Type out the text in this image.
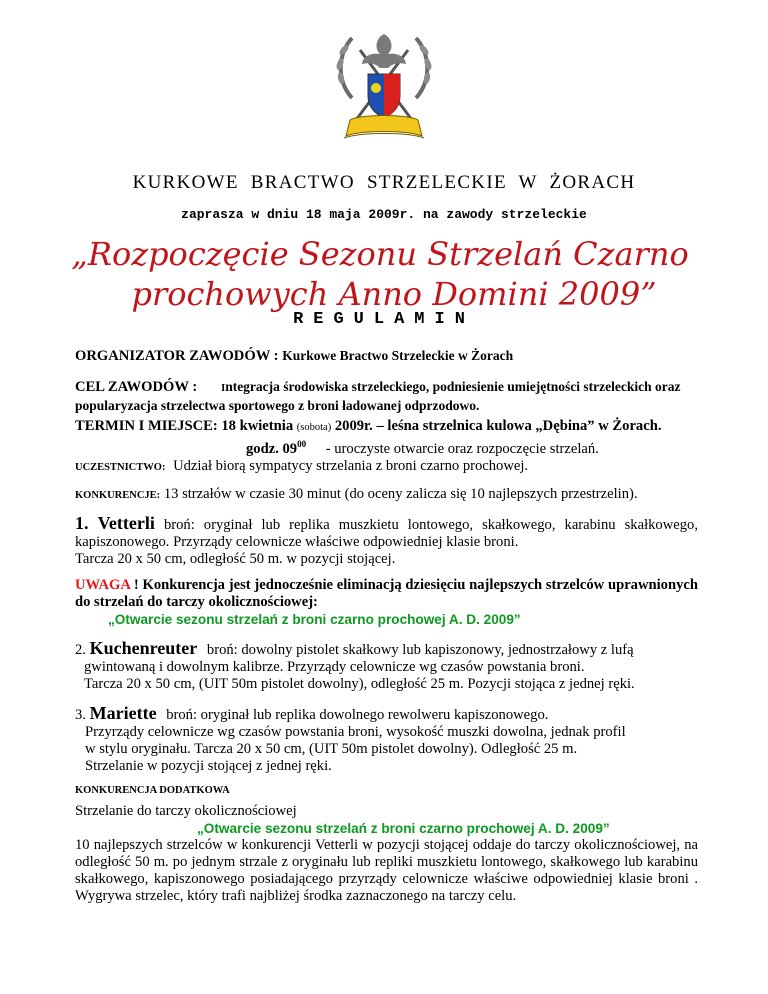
KURKOWE BRACTWO STRZELECKIE W ŻORACH
zaprasza w dniu 18 maja 2009r. na zawody strzeleckie
„Rozpoczęcie Sezonu Strzelań Czarno
prochowych Anno Domini 2009”
REGULAMIN
ORGANIZATOR ZAWODÓW : Kurkowe Bractwo Strzeleckie w Żorach
CEL ZAWODÓW : Integracja środowiska strzeleckiego, podniesienie umiejętności strzeleckich oraz popularyzacja strzelectwa sportowego z broni ładowanej odprzodowo.
TERMIN I MIEJSCE: 18 kwietnia (sobota) 2009r. – leśna strzelnica kulowa „Dębina” w Żorach.
godz. $09^{00}$ - uroczyste otwarcie oraz rozpoczęcie strzelań.
UCZESTNICTWO: Udział biorą sympatycy strzelania z broni czarno prochowej.
KONKURENCJE: 13 strzałów w czasie 30 minut (do oceny zalicza się 10 najlepszych przestrzelin).
1. Vetterli broń: oryginał lub replika muszkietu lontowego, skałkowego, karabinu skałkowego, kapiszonowego. Przyrządy celownicze właściwe odpowiedniej klasie broni.
Tarcza 20 x 50 cm, odległość 50 m. w pozycji stojącej.
UWAGA ! Konkurencja jest jednocześnie eliminacją dziesięciu najlepszych strzelców uprawnionych do strzelań do tarczy okolicznościowej:
„Otwarcie sezonu strzelań z broni czarno prochowej A. D. 2009”
2. Kuchenreuter broń: dowolny pistolet skałkowy lub kapiszonowy, jednostrzałowy z lufą
gwintowaną i dowolnym kalibrze. Przyrządy celownicze wg czasów powstania broni.
Tarcza 20 x 50 cm, (UIT 50m pistolet dowolny), odległość 25 m. Pozycji stojąca z jednej ręki.
3. Mariette broń: oryginał lub replika dowolnego rewolweru kapiszonowego.
Przyrządy celownicze wg czasów powstania broni, wysokość muszki dowolna, jednak profil
w stylu oryginału. Tarcza 20 x 50 cm, (UIT 50m pistolet dowolny). Odległość 25 m.
Strzelanie w pozycji stojącej z jednej ręki.
KONKURENCJA DODATKOWA
Strzelanie do tarczy okolicznościowej
„Otwarcie sezonu strzelań z broni czarno prochowej A. D. 2009”
10 najlepszych strzelców w konkurencji Vetterli w pozycji stojącej oddaje do tarczy okolicznościowej, na odległość 50 m. po jednym strzale z oryginału lub repliki muszkietu lontowego, skałkowego lub karabinu skałkowego, kapiszonowego posiadającego przyrządy celownicze właściwe odpowiedniej klasie broni . Wygrywa strzelec, który trafi najbliżej środka zaznaczonego na tarczy celu.
